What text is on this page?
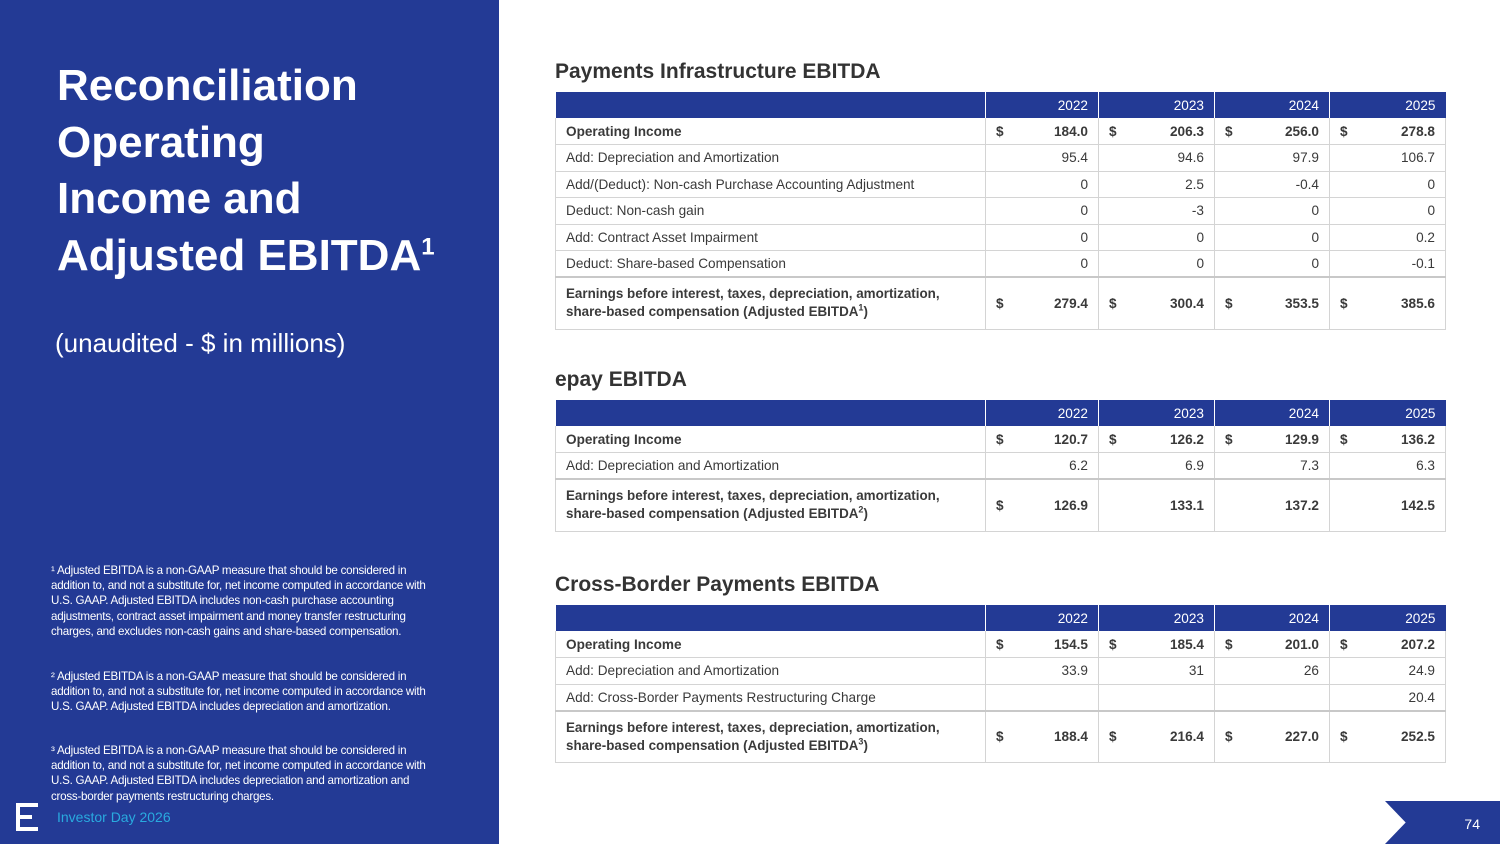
Reconciliation
Operating
Income and
Adjusted EBITDA$^1$
(unaudited - $ in millions)

¹ Adjusted EBITDA is a non-GAAP measure that should be considered in addition to, and not a substitute for, net income computed in accordance with U.S. GAAP. Adjusted EBITDA includes non-cash purchase accounting adjustments, contract asset impairment and money transfer restructuring charges, and excludes non-cash gains and share-based compensation.

² Adjusted EBITDA is a non-GAAP measure that should be considered in addition to, and not a substitute for, net income computed in accordance with U.S. GAAP. Adjusted EBITDA includes depreciation and amortization.

³ Adjusted EBITDA is a non-GAAP measure that should be considered in addition to, and not a substitute for, net income computed in accordance with U.S. GAAP. Adjusted EBITDA includes depreciation and amortization and cross-border payments restructuring charges.

Investor Day 2026
Payments Infrastructure EBITDA
	2022	2023	2024	2025
Operating Income	$ 184.0	$ 206.3	$ 256.0	$ 278.8
Add: Depreciation and Amortization	95.4	94.6	97.9	106.7
Add/(Deduct): Non-cash Purchase Accounting Adjustment	0	2.5	-0.4	0
Deduct: Non-cash gain	0	-3	0	0
Add: Contract Asset Impairment	0	0	0	0.2
Deduct: Share-based Compensation	0	0	0	-0.1
Earnings before interest, taxes, depreciation, amortization, share-based compensation (Adjusted EBITDA$^1$)	$ 279.4	$ 300.4	$ 353.5	$ 385.6
epay EBITDA
	2022	2023	2024	2025
Operating Income	$ 120.7	$ 126.2	$ 129.9	$ 136.2
Add: Depreciation and Amortization	6.2	6.9	7.3	6.3
Earnings before interest, taxes, depreciation, amortization, share-based compensation (Adjusted EBITDA$^2$)	$ 126.9	133.1	137.2	142.5
Cross-Border Payments EBITDA
	2022	2023	2024	2025
Operating Income	$ 154.5	$ 185.4	$ 201.0	$ 207.2
Add: Depreciation and Amortization	33.9	31	26	24.9
Add: Cross-Border Payments Restructuring Charge				20.4
Earnings before interest, taxes, depreciation, amortization, share-based compensation (Adjusted EBITDA$^3$)	$ 188.4	$ 216.4	$ 227.0	$ 252.5
74
